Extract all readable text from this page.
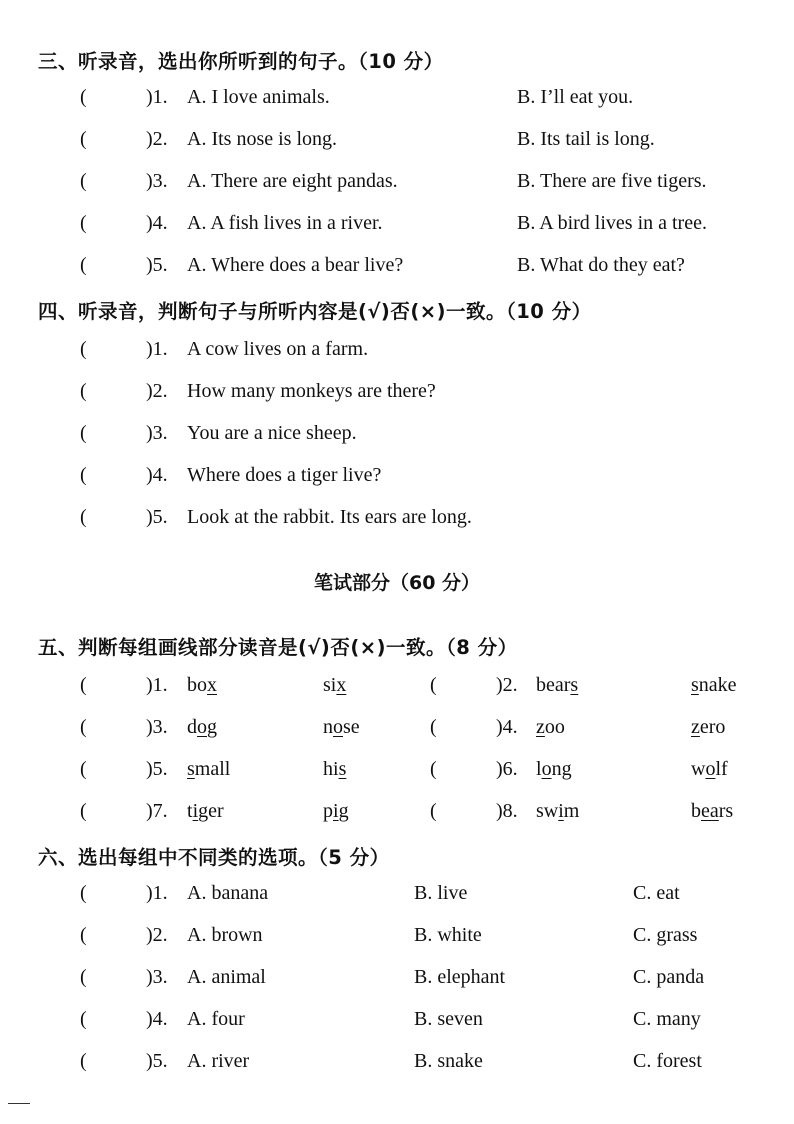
三、听录音，选出你所听到的句子。（10 分）
(	)1. A. I love animals.	B. I’ll eat you.
(	)2. A. Its nose is long.	B. Its tail is long.
(	)3. A. There are eight pandas.	B. There are five tigers.
(	)4. A. A fish lives in a river.	B. A bird lives in a tree.
(	)5. A. Where does a bear live?	B. What do they eat?
四、听录音，判断句子与所听内容是(√)否(×)一致。（10 分）
(	)1. A cow lives on a farm.
(	)2. How many monkeys are there?
(	)3. You are a nice sheep.
(	)4. Where does a tiger live?
(	)5. Look at the rabbit. Its ears are long.
笔试部分（60 分）
五、判断每组画线部分读音是(√)否(×)一致。（8 分）
(	)1. box	six	(	)2. bears	snake
(	)3. dog	nose	(	)4. zoo	zero
(	)5. small	his	(	)6. long	wolf
(	)7. tiger	pig	(	)8. swim	bears
六、选出每组中不同类的选项。（5 分）
(	)1. A. banana	B. live	C. eat
(	)2. A. brown	B. white	C. grass
(	)3. A. animal	B. elephant	C. panda
(	)4. A. four	B. seven	C. many
(	)5. A. river	B. snake	C. forest
